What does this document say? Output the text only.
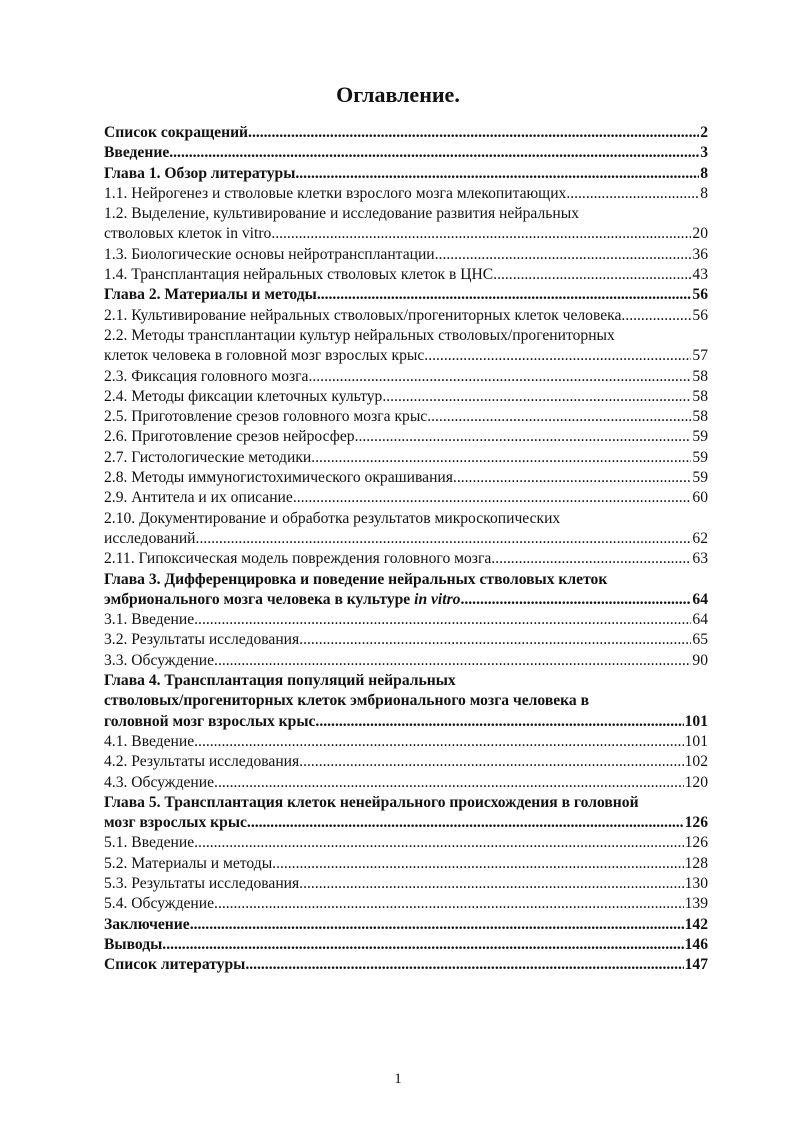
Оглавление.
Список сокращений. .....	2
Введение. .....	3
Глава 1. Обзор литературы. .....	8
1.1. Нейрогенез и стволовые клетки взрослого мозга млекопитающих. .....	8
1.2. Выделение, культивирование и исследование развития нейральных
стволовых клеток in vitro. .....	20
1.3. Биологические основы нейротрансплантации. .....	36
1.4. Трансплантация нейральных стволовых клеток в ЦНС. .....	43
Глава 2. Материалы и методы .....	56
2.1. Культивирование нейральных стволовых/прогениторных клеток человека. .....	56
2.2. Методы трансплантации культур нейральных стволовых/прогениторных
клеток человека в головной мозг взрослых крыс. .....	57
2.3. Фиксация головного мозга. .....	58
2.4. Методы фиксации клеточных культур .....	58
2.5. Приготовление срезов головного мозга крыс. .....	58
2.6. Приготовление срезов нейросфер .....	59
2.7. Гистологические методики. .....	59
2.8. Методы иммуногистохимического окрашивания. .....	59
2.9. Антитела и их описание .....	60
2.10. Документирование и обработка результатов микроскопических
исследований. .....	62
2.11. Гипоксическая модель повреждения головного мозга. .....	63
Глава 3. Дифференцировка и поведение нейральных стволовых клеток
эмбрионального мозга человека в культуре in vitro .....	64
3.1. Введение. .....	64
3.2. Результаты исследования. .....	65
3.3. Обсуждение. .....	90
Глава 4. Трансплантация популяций нейральных
стволовых/прогениторных клеток эмбрионального мозга человека в
головной мозг взрослых крыс. .....	101
4.1. Введение. .....	101
4.2. Результаты исследования. .....	102
4.3. Обсуждение. .....	120
Глава 5. Трансплантация клеток ненейрального происхождения в головной
мозг взрослых крыс. .....	126
5.1. Введение. .....	126
5.2. Материалы и методы .....	128
5.3. Результаты исследования. .....	130
5.4. Обсуждение. .....	139
Заключение. .....	142
Выводы. .....	146
Список литературы .....	147
1
